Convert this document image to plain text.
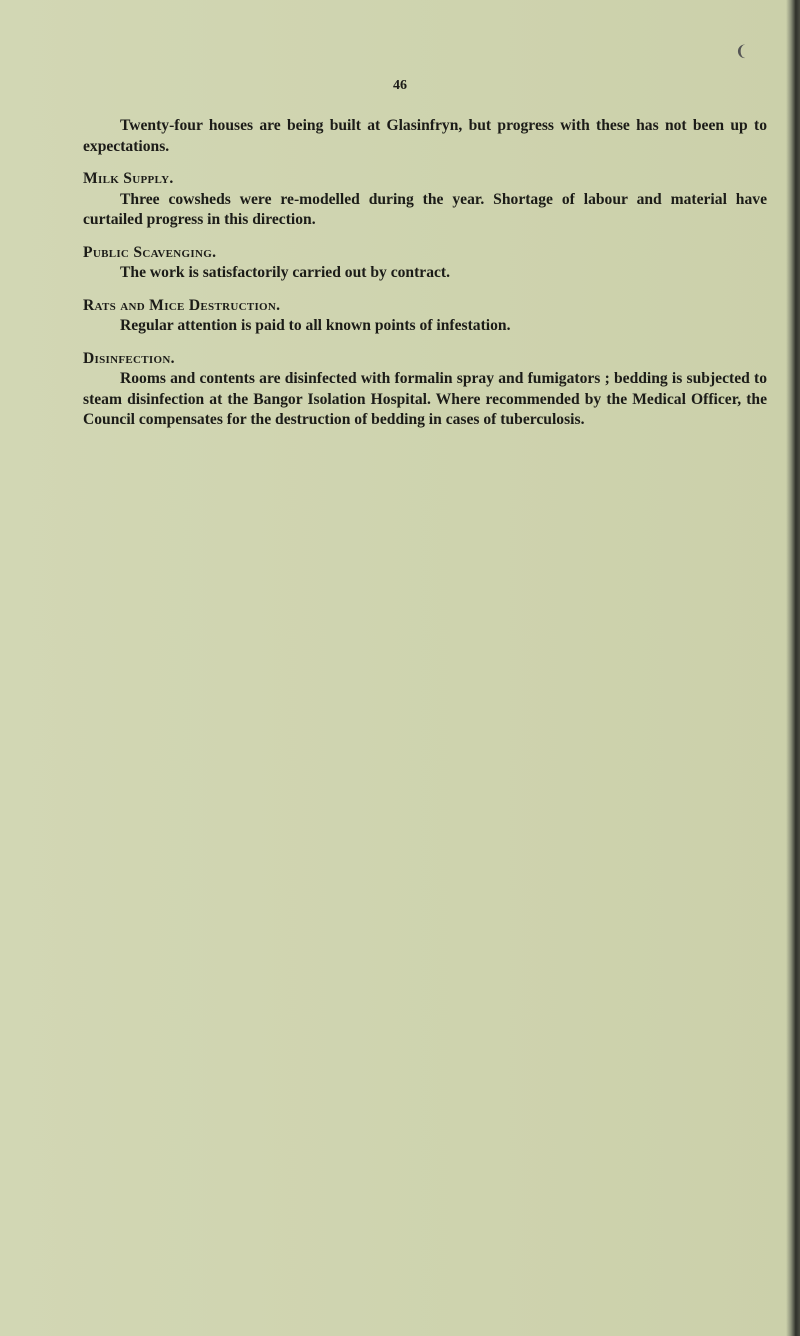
❨
46

Twenty-four houses are being built at Glasinfryn, but progress with these has not been up to expectations.

Milk Supply.

Three cowsheds were re-modelled during the year. Shortage of labour and material have curtailed progress in this direction.

Public Scavenging.

The work is satisfactorily carried out by contract.

Rats and Mice Destruction.

Regular attention is paid to all known points of infestation.

Disinfection.

Rooms and contents are disinfected with formalin spray and fumigators ; bedding is subjected to steam disinfection at the Bangor Isolation Hospital. Where recommended by the Medical Officer, the Council compensates for the destruction of bedding in cases of tuberculosis.
